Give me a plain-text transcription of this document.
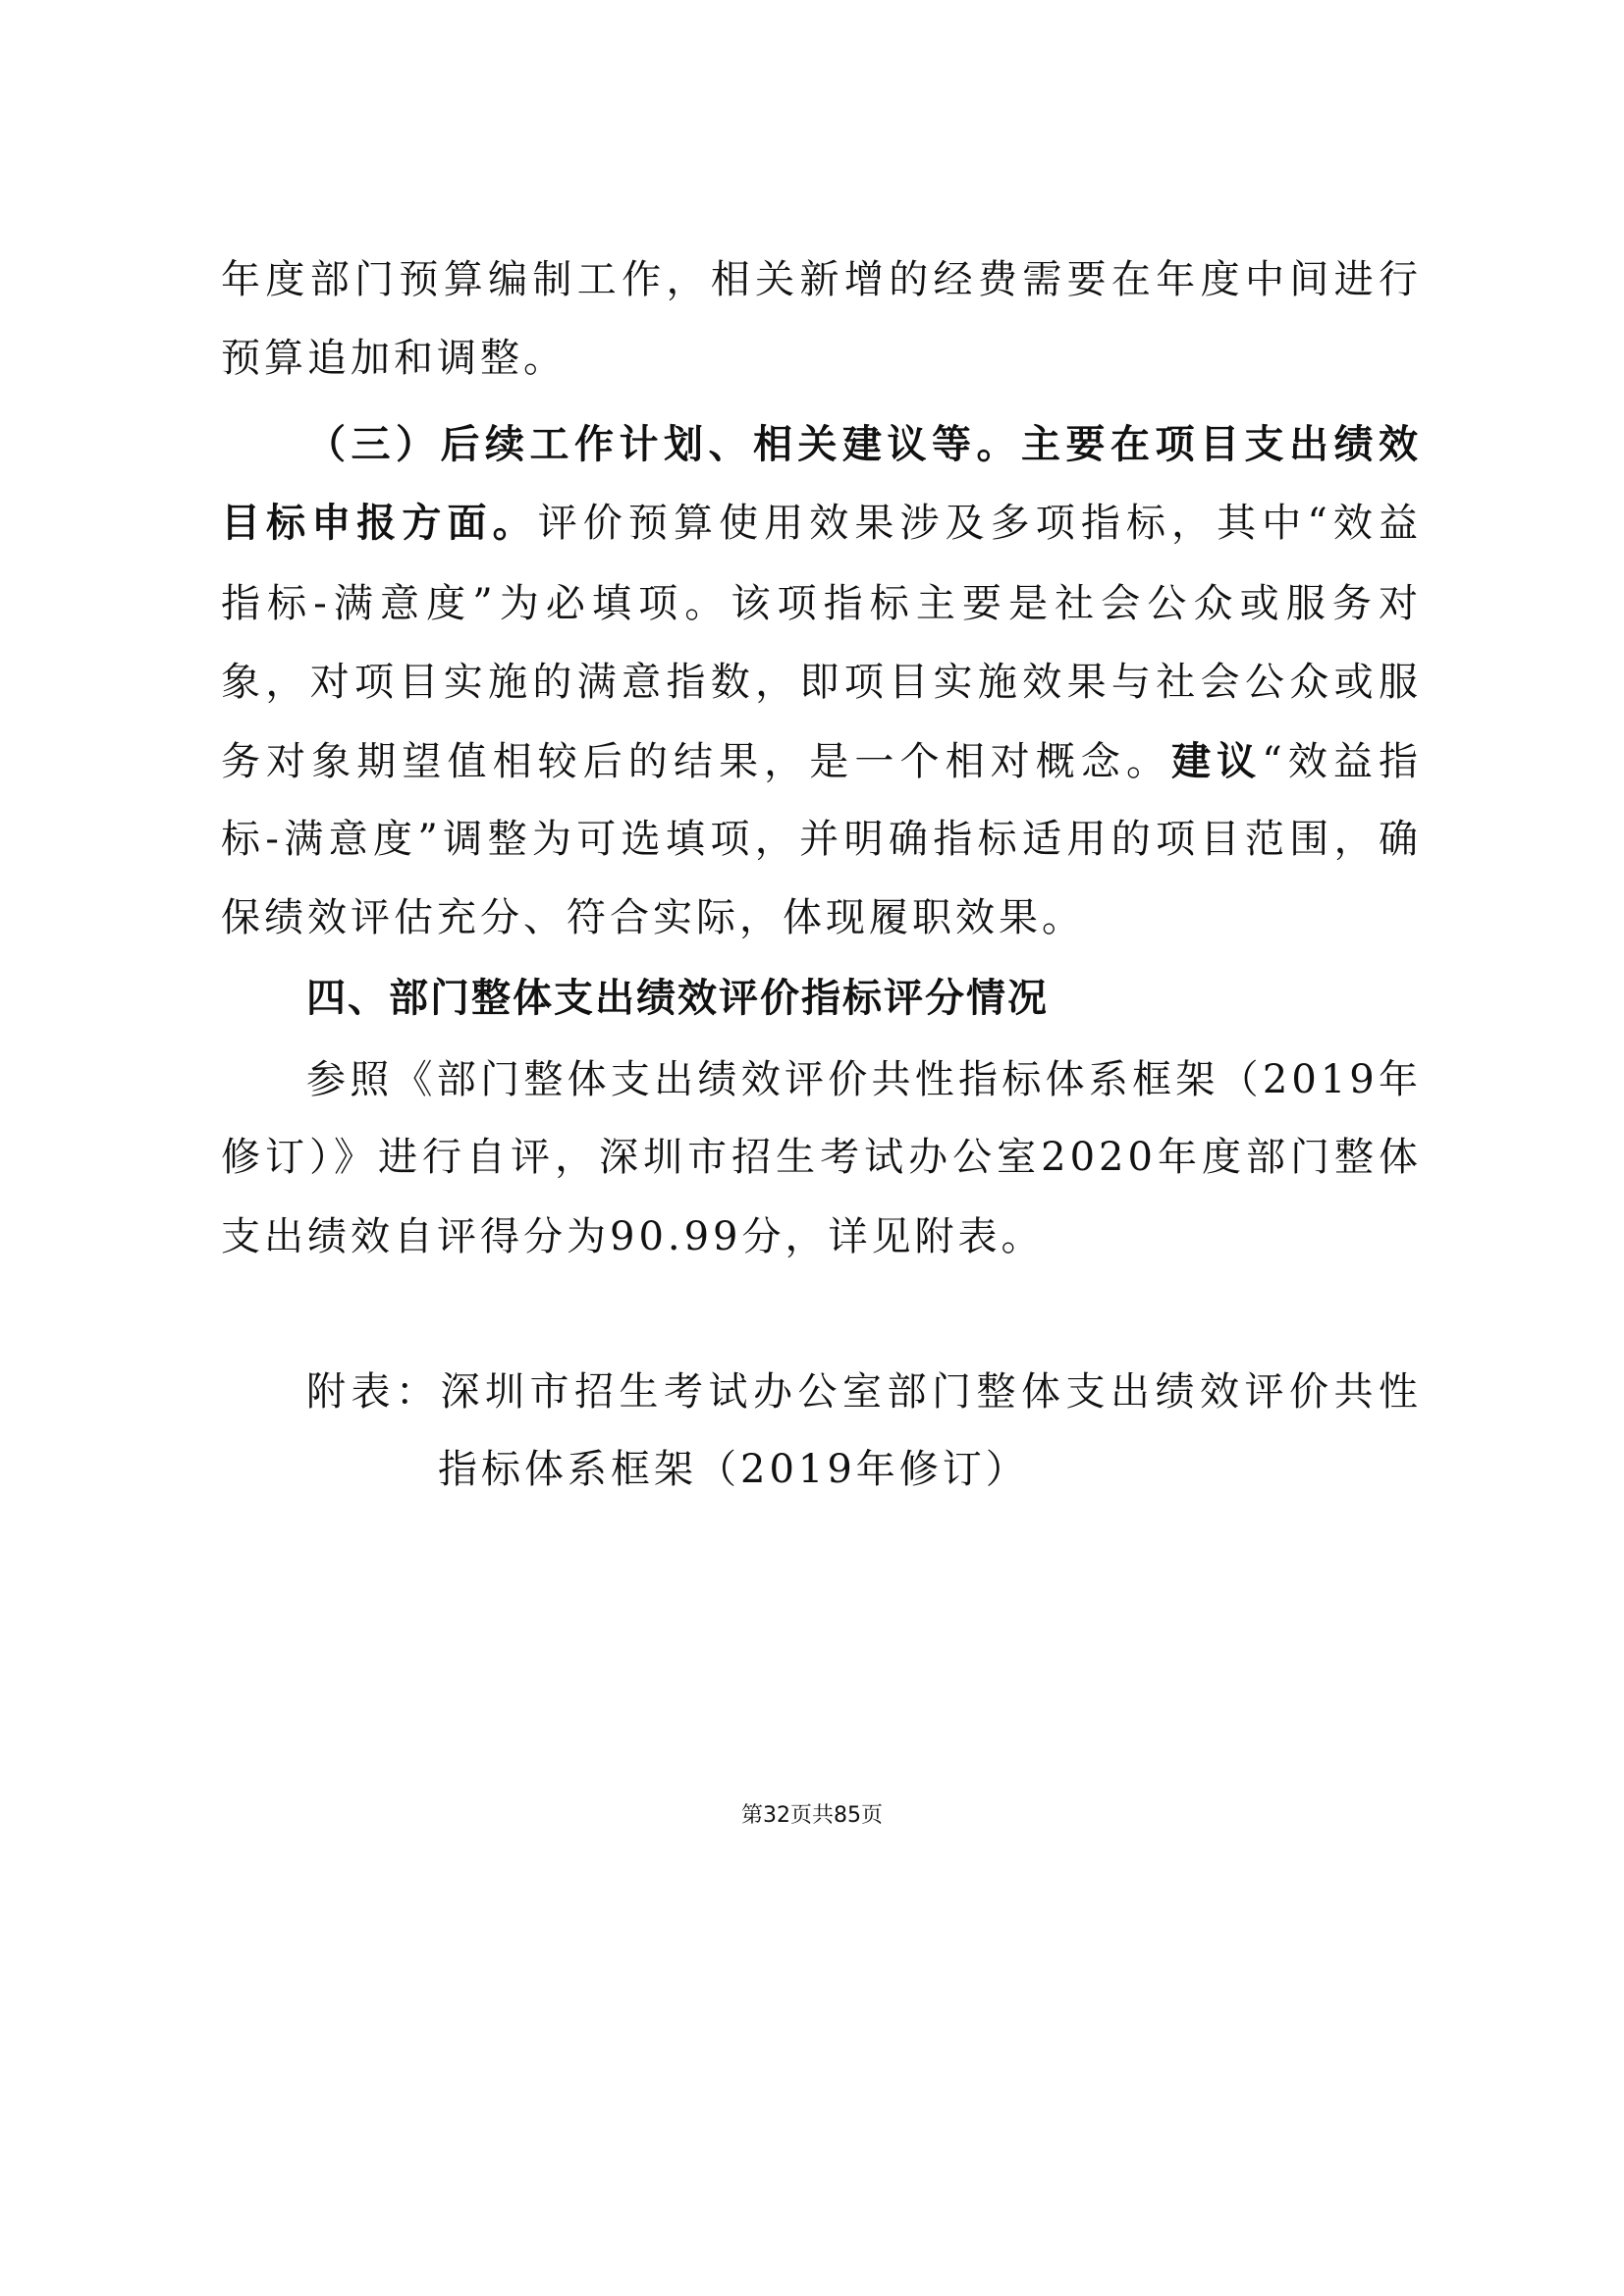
年度部门预算编制工作，相关新增的经费需要在年度中间进行
预算追加和调整。
（三）后续工作计划、相关建议等。主要在项目支出绩效
目标申报方面。评价预算使用效果涉及多项指标，其中“效益
指标-满意度”为必填项。该项指标主要是社会公众或服务对
象，对项目实施的满意指数，即项目实施效果与社会公众或服
务对象期望值相较后的结果，是一个相对概念。建议“效益指
标-满意度”调整为可选填项，并明确指标适用的项目范围，确
保绩效评估充分、符合实际，体现履职效果。
四、部门整体支出绩效评价指标评分情况
参照《部门整体支出绩效评价共性指标体系框架（2019年
修订）》进行自评，深圳市招生考试办公室2020年度部门整体
支出绩效自评得分为90.99分，详见附表。
附表：深圳市招生考试办公室部门整体支出绩效评价共性
指标体系框架（2019年修订）
第32页共85页
